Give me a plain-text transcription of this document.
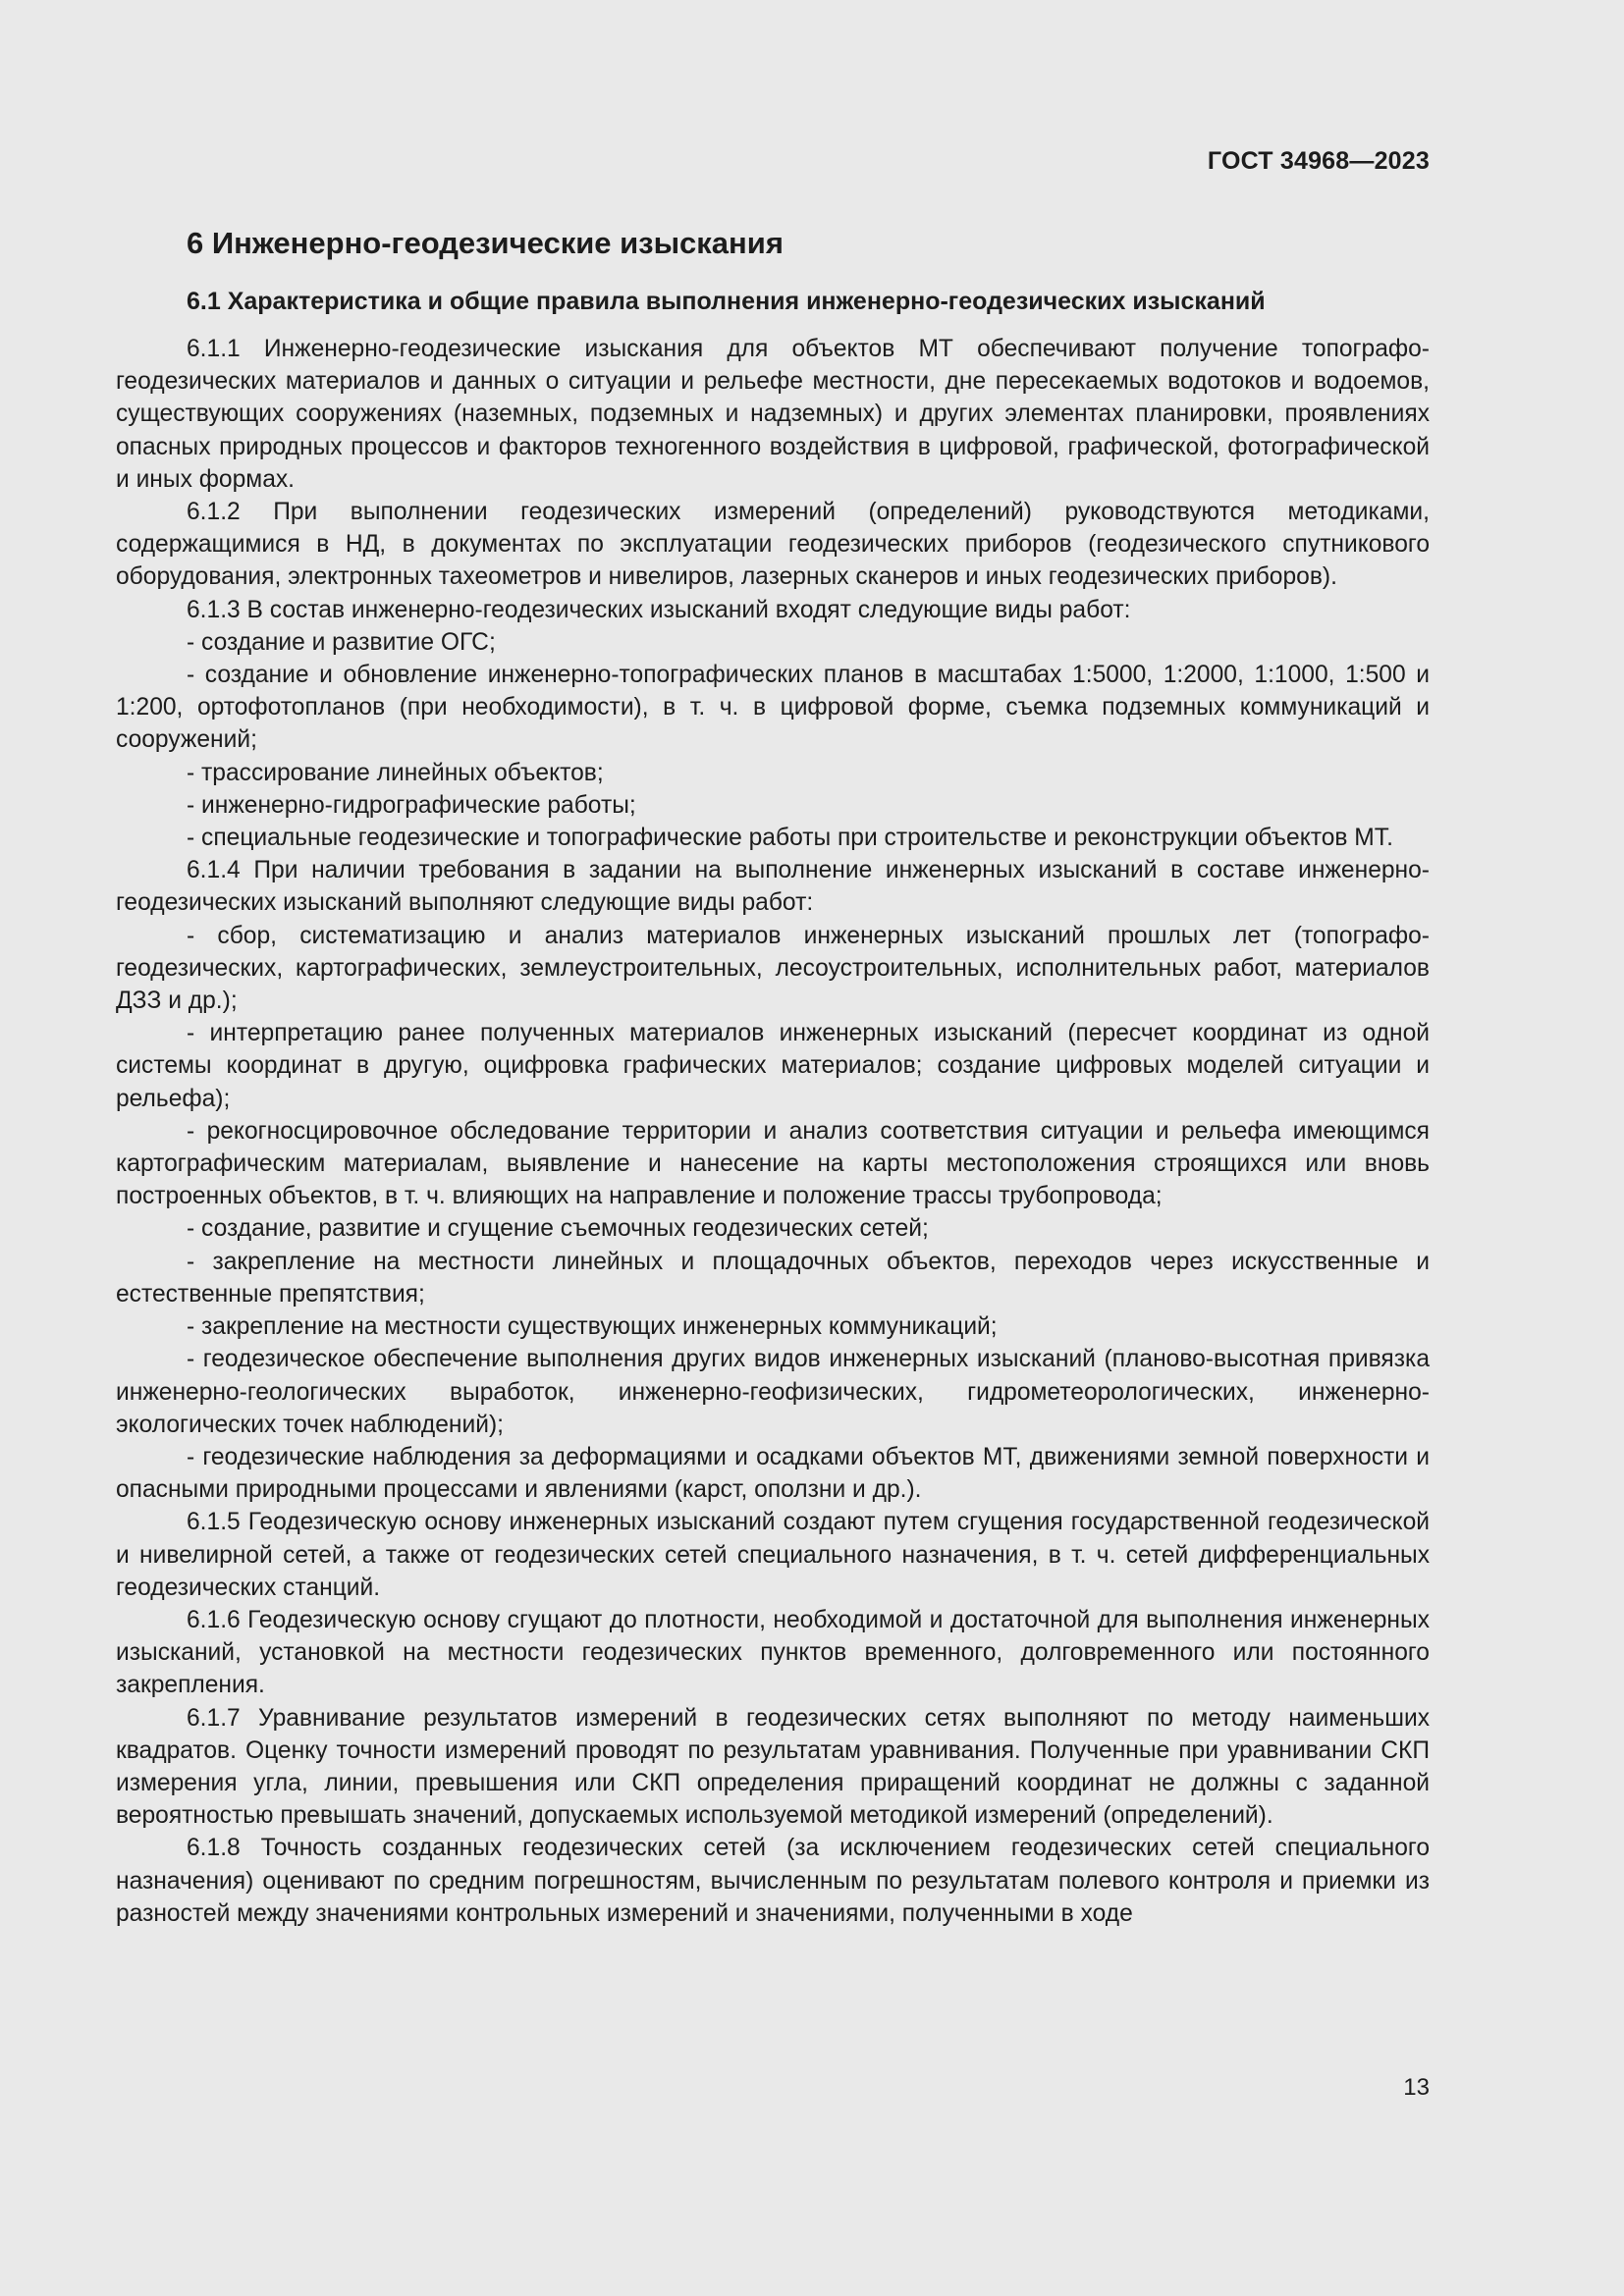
ГОСТ 34968—2023
6 Инженерно-геодезические изыскания
6.1 Характеристика и общие правила выполнения инженерно-геодезических изысканий

6.1.1 Инженерно-геодезические изыскания для объектов МТ обеспечивают получение топографо-геодезических материалов и данных о ситуации и рельефе местности, дне пересекаемых водотоков и водоемов, существующих сооружениях (наземных, подземных и надземных) и других элементах планировки, проявлениях опасных природных процессов и факторов техногенного воздействия в цифровой, графической, фотографической и иных формах.

6.1.2 При выполнении геодезических измерений (определений) руководствуются методиками, содержащимися в НД, в документах по эксплуатации геодезических приборов (геодезического спутникового оборудования, электронных тахеометров и нивелиров, лазерных сканеров и иных геодезических приборов).

6.1.3 В состав инженерно-геодезических изысканий входят следующие виды работ:

- создание и развитие ОГС;

- создание и обновление инженерно-топографических планов в масштабах 1:5000, 1:2000, 1:1000, 1:500 и 1:200, ортофотопланов (при необходимости), в т. ч. в цифровой форме, съемка подземных коммуникаций и сооружений;

- трассирование линейных объектов;

- инженерно-гидрографические работы;

- специальные геодезические и топографические работы при строительстве и реконструкции объектов МТ.

6.1.4 При наличии требования в задании на выполнение инженерных изысканий в составе инженерно-геодезических изысканий выполняют следующие виды работ:

- сбор, систематизацию и анализ материалов инженерных изысканий прошлых лет (топографо-геодезических, картографических, землеустроительных, лесоустроительных, исполнительных работ, материалов ДЗЗ и др.);

- интерпретацию ранее полученных материалов инженерных изысканий (пересчет координат из одной системы координат в другую, оцифровка графических материалов; создание цифровых моделей ситуации и рельефа);

- рекогносцировочное обследование территории и анализ соответствия ситуации и рельефа имеющимся картографическим материалам, выявление и нанесение на карты местоположения строящихся или вновь построенных объектов, в т. ч. влияющих на направление и положение трассы трубопровода;

- создание, развитие и сгущение съемочных геодезических сетей;

- закрепление на местности линейных и площадочных объектов, переходов через искусственные и естественные препятствия;

- закрепление на местности существующих инженерных коммуникаций;

- геодезическое обеспечение выполнения других видов инженерных изысканий (планово-высотная привязка инженерно-геологических выработок, инженерно-геофизических, гидрометеорологических, инженерно-экологических точек наблюдений);

- геодезические наблюдения за деформациями и осадками объектов МТ, движениями земной поверхности и опасными природными процессами и явлениями (карст, оползни и др.).

6.1.5 Геодезическую основу инженерных изысканий создают путем сгущения государственной геодезической и нивелирной сетей, а также от геодезических сетей специального назначения, в т. ч. сетей дифференциальных геодезических станций.

6.1.6 Геодезическую основу сгущают до плотности, необходимой и достаточной для выполнения инженерных изысканий, установкой на местности геодезических пунктов временного, долговременного или постоянного закрепления.

6.1.7 Уравнивание результатов измерений в геодезических сетях выполняют по методу наименьших квадратов. Оценку точности измерений проводят по результатам уравнивания. Полученные при уравнивании СКП измерения угла, линии, превышения или СКП определения приращений координат не должны с заданной вероятностью превышать значений, допускаемых используемой методикой измерений (определений).

6.1.8 Точность созданных геодезических сетей (за исключением геодезических сетей специального назначения) оценивают по средним погрешностям, вычисленным по результатам полевого контроля и приемки из разностей между значениями контрольных измерений и значениями, полученными в ходе

13
